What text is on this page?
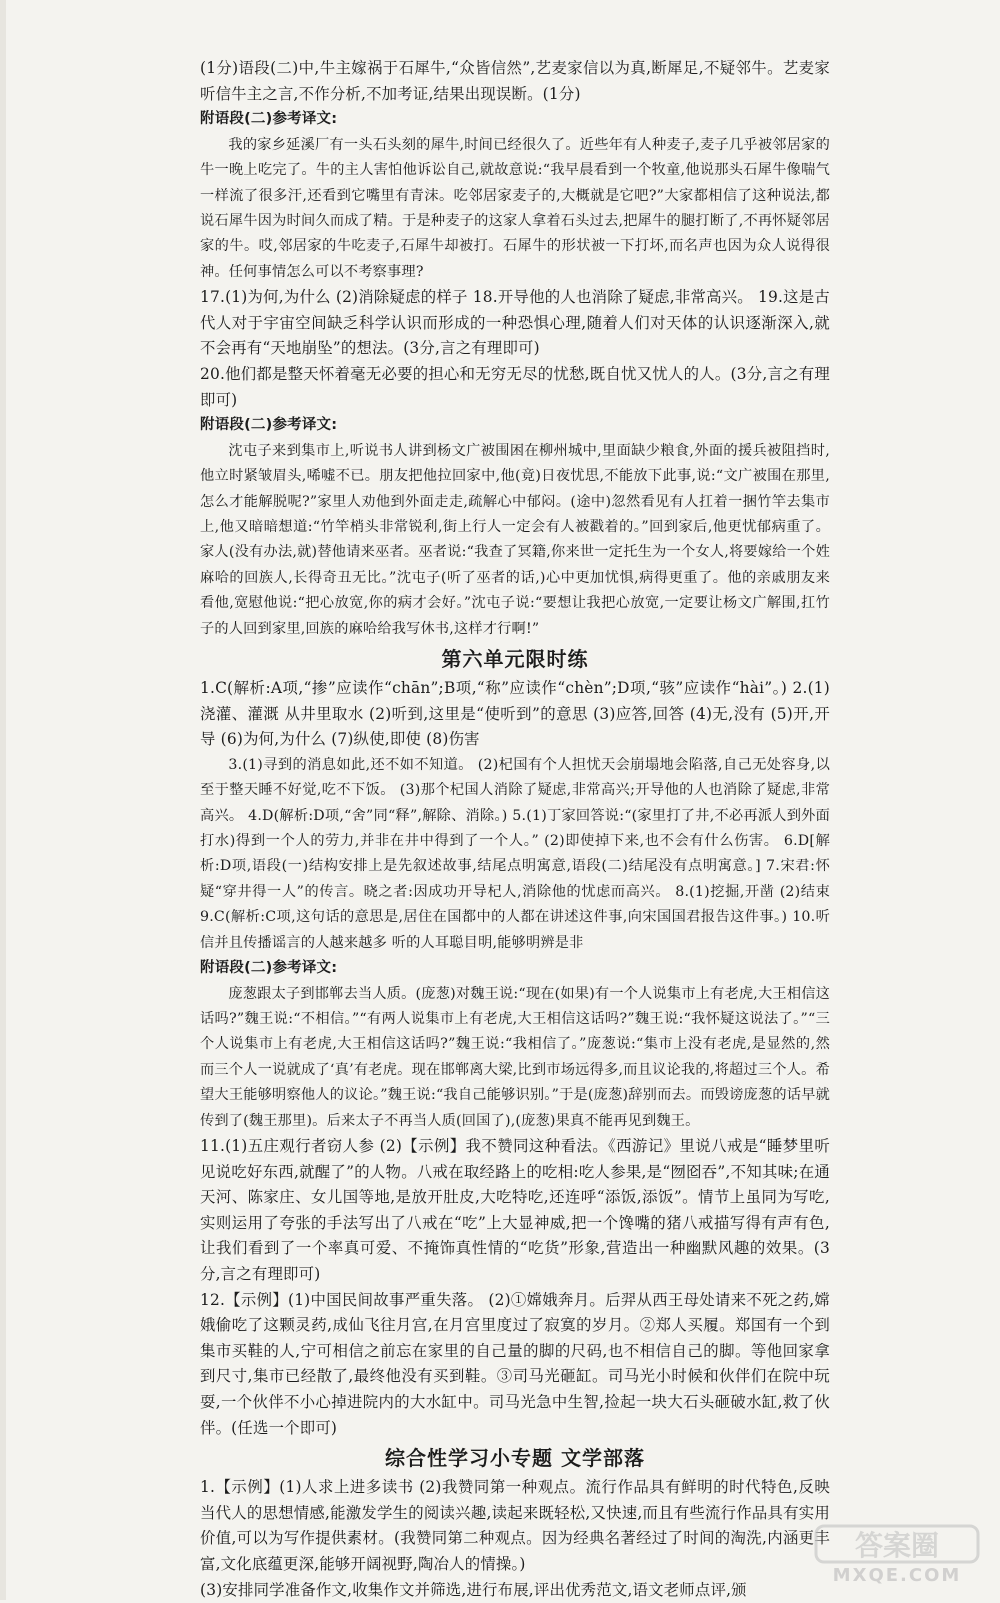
(1分)语段(二)中,牛主嫁祸于石犀牛,“众皆信然”,艺麦家信以为真,断犀足,不疑邻牛。艺麦家听信牛主之言,不作分析,不加考证,结果出现误断。(1分)

附语段(二)参考译文:

我的家乡延溪厂有一头石头刻的犀牛,时间已经很久了。近些年有人种麦子,麦子几乎被邻居家的牛一晚上吃完了。牛的主人害怕他诉讼自己,就故意说:“我早晨看到一个牧童,他说那头石犀牛像喘气一样流了很多汗,还看到它嘴里有青沫。吃邻居家麦子的,大概就是它吧?”大家都相信了这种说法,都说石犀牛因为时间久而成了精。于是种麦子的这家人拿着石头过去,把犀牛的腿打断了,不再怀疑邻居家的牛。哎,邻居家的牛吃麦子,石犀牛却被打。石犀牛的形状被一下打坏,而名声也因为众人说得很神。任何事情怎么可以不考察事理?

17.(1)为何,为什么 (2)消除疑虑的样子 18.开导他的人也消除了疑虑,非常高兴。 19.这是古代人对于宇宙空间缺乏科学认识而形成的一种恐惧心理,随着人们对天体的认识逐渐深入,就不会再有“天地崩坠”的想法。(3分,言之有理即可)

20.他们都是整天怀着毫无必要的担心和无穷无尽的忧愁,既自忧又忧人的人。(3分,言之有理即可)

附语段(二)参考译文:

沈屯子来到集市上,听说书人讲到杨文广被围困在柳州城中,里面缺少粮食,外面的援兵被阻挡时,他立时紧皱眉头,唏嘘不已。朋友把他拉回家中,他(竟)日夜忧思,不能放下此事,说:“文广被围在那里,怎么才能解脱呢?”家里人劝他到外面走走,疏解心中郁闷。(途中)忽然看见有人扛着一捆竹竿去集市上,他又暗暗想道:“竹竿梢头非常锐利,街上行人一定会有人被戳着的。”回到家后,他更忧郁病重了。家人(没有办法,就)替他请来巫者。巫者说:“我查了冥籍,你来世一定托生为一个女人,将要嫁给一个姓麻哈的回族人,长得奇丑无比。”沈屯子(听了巫者的话,)心中更加忧惧,病得更重了。他的亲戚朋友来看他,宽慰他说:“把心放宽,你的病才会好。”沈屯子说:“要想让我把心放宽,一定要让杨文广解围,扛竹子的人回到家里,回族的麻哈给我写休书,这样才行啊!”

第六单元限时练

1.C(解析:A项,“掺”应读作“chān”;B项,“称”应读作“chèn”;D项,“骇”应读作“hài”。) 2.(1)浇灌、灌溉 从井里取水 (2)听到,这里是“使听到”的意思 (3)应答,回答 (4)无,没有 (5)开,开导 (6)为何,为什么 (7)纵使,即使 (8)伤害

3.(1)寻到的消息如此,还不如不知道。 (2)杞国有个人担忧天会崩塌地会陷落,自己无处容身,以至于整天睡不好觉,吃不下饭。 (3)那个杞国人消除了疑虑,非常高兴;开导他的人也消除了疑虑,非常高兴。 4.D(解析:D项,“舍”同“释”,解除、消除。) 5.(1)丁家回答说:“(家里打了井,不必再派人到外面打水)得到一个人的劳力,并非在井中得到了一个人。” (2)即使掉下来,也不会有什么伤害。 6.D[解析:D项,语段(一)结构安排上是先叙述故事,结尾点明寓意,语段(二)结尾没有点明寓意。] 7.宋君:怀疑“穿井得一人”的传言。晓之者:因成功开导杞人,消除他的忧虑而高兴。 8.(1)挖掘,开凿 (2)结束 9.C(解析:C项,这句话的意思是,居住在国都中的人都在讲述这件事,向宋国国君报告这件事。) 10.听信并且传播谣言的人越来越多 听的人耳聪目明,能够明辨是非

附语段(二)参考译文:

庞葱跟太子到邯郸去当人质。(庞葱)对魏王说:“现在(如果)有一个人说集市上有老虎,大王相信这话吗?”魏王说:“不相信。”“有两人说集市上有老虎,大王相信这话吗?”魏王说:“我怀疑这说法了。”“三个人说集市上有老虎,大王相信这话吗?”魏王说:“我相信了。”庞葱说:“集市上没有老虎,是显然的,然而三个人一说就成了‘真’有老虎。现在邯郸离大梁,比到市场远得多,而且议论我的,将超过三个人。希望大王能够明察他人的议论。”魏王说:“我自己能够识别。”于是(庞葱)辞别而去。而毁谤庞葱的话早就传到了(魏王那里)。后来太子不再当人质(回国了),(庞葱)果真不能再见到魏王。

11.(1)五庄观行者窃人参 (2)【示例】我不赞同这种看法。《西游记》里说八戒是“睡梦里听见说吃好东西,就醒了”的人物。八戒在取经路上的吃相:吃人参果,是“囫囵吞”,不知其味;在通天河、陈家庄、女儿国等地,是放开肚皮,大吃特吃,还连呼“添饭,添饭”。情节上虽同为写吃,实则运用了夸张的手法写出了八戒在“吃”上大显神威,把一个馋嘴的猪八戒描写得有声有色,让我们看到了一个率真可爱、不掩饰真性情的“吃货”形象,营造出一种幽默风趣的效果。(3分,言之有理即可)

12.【示例】(1)中国民间故事严重失落。 (2)①嫦娥奔月。后羿从西王母处请来不死之药,嫦娥偷吃了这颗灵药,成仙飞往月宫,在月宫里度过了寂寞的岁月。②郑人买履。郑国有一个到集市买鞋的人,宁可相信之前忘在家里的自己量的脚的尺码,也不相信自己的脚。等他回家拿到尺寸,集市已经散了,最终他没有买到鞋。③司马光砸缸。司马光小时候和伙伴们在院中玩耍,一个伙伴不小心掉进院内的大水缸中。司马光急中生智,捡起一块大石头砸破水缸,救了伙伴。(任选一个即可)

综合性学习小专题 文学部落

1.【示例】(1)人求上进多读书 (2)我赞同第一种观点。流行作品具有鲜明的时代特色,反映当代人的思想情感,能激发学生的阅读兴趣,读起来既轻松,又快速,而且有些流行作品具有实用价值,可以为写作提供素材。(我赞同第二种观点。因为经典名著经过了时间的淘洗,内涵更丰富,文化底蕴更深,能够开阔视野,陶冶人的情操。)

(3)安排同学准备作文,收集作文并筛选,进行布展,评出优秀范文,语文老师点评,颁

答案圈
MXQE.COM
